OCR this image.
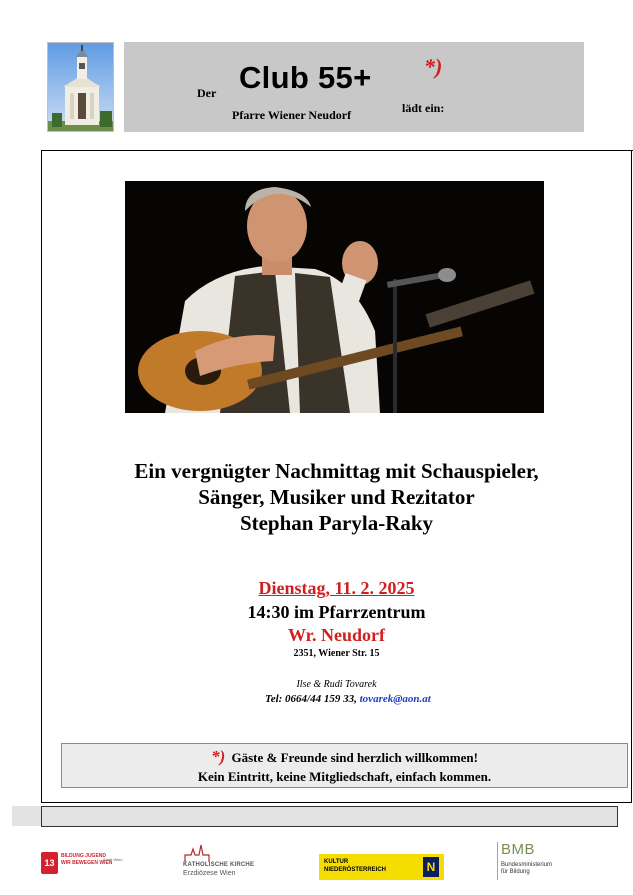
Der Club 55+ *)
Pfarre Wiener Neudorf	lädt ein:
Ein vergnügter Nachmittag mit Schauspieler,
Sänger, Musiker und Rezitator
Stephan Paryla-Raky
Dienstag, 11. 2. 2025
14:30 im Pfarrzentrum
Wr. Neudorf
2351, Wiener Str. 15
Ilse & Rudi Tovarek
Tel: 0664/44 159 33, tovarek@aon.at
*) Gäste & Freunde sind herzlich willkommen!
Kein Eintritt, keine Mitgliedschaft, einfach kommen.
13
BILDUNG JUGEND
WIR BEWEGEN WIEN
Stadt Wien
KATHOLISCHE KIRCHE
Erzdiözese Wien
KULTUR
NIEDERÖSTERREICH	N
BMB
Bundesministerium
für Bildung
